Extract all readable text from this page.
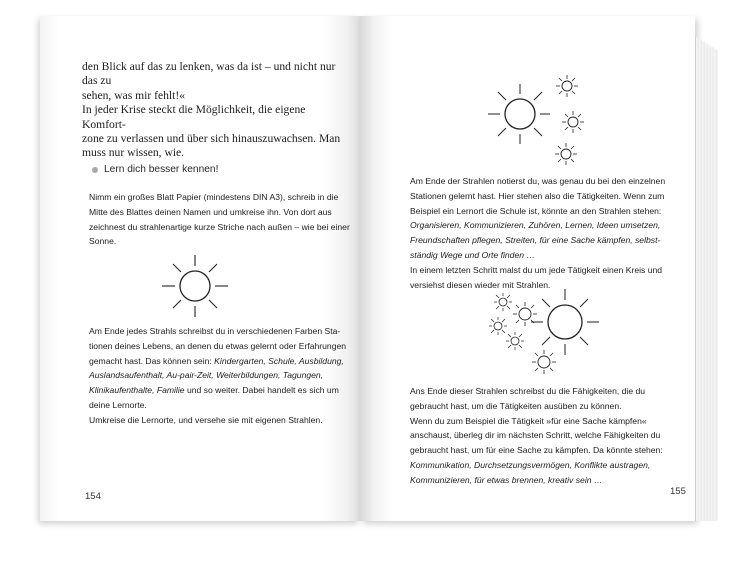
den Blick auf das zu lenken, was da ist – und nicht nur das zu

sehen, was mir fehlt!«

In jeder Krise steckt die Möglichkeit, die eigene Komfort-

zone zu verlassen und über sich hinauszuwachsen. Man

muss nur wissen, wie.

Lern dich besser kennen!

Nimm ein großes Blatt Papier (mindestens DIN A3), schreib in die

Mitte des Blattes deinen Namen und umkreise ihn. Von dort aus

zeichnest du strahlenartige kurze Striche nach außen – wie bei einer

Sonne.

Am Ende jedes Strahls schreibst du in verschiedenen Farben Sta-

tionen deines Lebens, an denen du etwas gelernt oder Erfahrungen

gemacht hast. Das können sein: Kindergarten, Schule, Ausbildung,

Auslandsaufenthalt, Au-pair-Zeit, Weiterbildungen, Tagungen,

Klinikaufenthalte, Familie und so weiter. Dabei handelt es sich um

deine Lernorte.

Umkreise die Lernorte, und versehe sie mit eigenen Strahlen.

154

Am Ende der Strahlen notierst du, was genau du bei den einzelnen

Stationen gelernt hast. Hier stehen also die Tätigkeiten. Wenn zum

Beispiel ein Lernort die Schule ist, könnte an den Strahlen stehen:

Organisieren, Kommunizieren, Zuhören, Lernen, Ideen umsetzen,

Freundschaften pflegen, Streiten, für eine Sache kämpfen, selbst-

ständig Wege und Orte finden …

In einem letzten Schritt malst du um jede Tätigkeit einen Kreis und

versiehst diesen wieder mit Strahlen.

Ans Ende dieser Strahlen schreibst du die Fähigkeiten, die du

gebraucht hast, um die Tätigkeiten ausüben zu können.

Wenn du zum Beispiel die Tätigkeit »für eine Sache kämpfen«

anschaust, überleg dir im nächsten Schritt, welche Fähigkeiten du

gebraucht hast, um für eine Sache zu kämpfen. Da könnte stehen:

Kommunikation, Durchsetzungsvermögen, Konflikte austragen,

Kommunizieren, für etwas brennen, kreativ sein …

155
